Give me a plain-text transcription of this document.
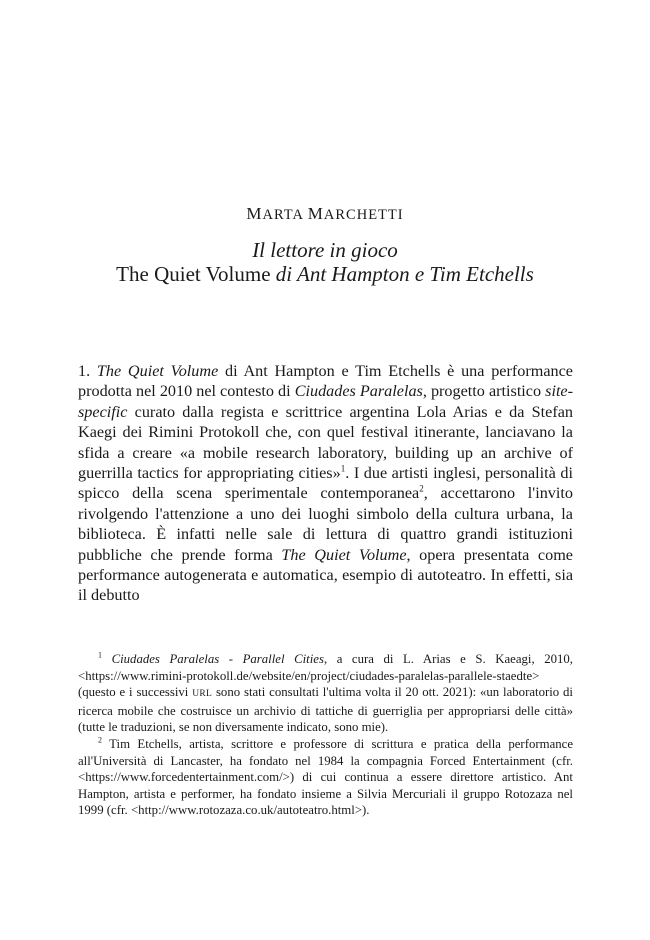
MARTA MARCHETTI
Il lettore in gioco
The Quiet Volume di Ant Hampton e Tim Etchells

1. The Quiet Volume di Ant Hampton e Tim Etchells è una performance prodotta nel 2010 nel contesto di Ciudades Paralelas, progetto artistico site-specific curato dalla regista e scrittrice argentina Lola Arias e da Stefan Kaegi dei Rimini Protokoll che, con quel festival itinerante, lanciavano la sfida a creare «a mobile research laboratory, building up an archive of guerrilla tactics for appropriating cities»$^1$. I due artisti inglesi, personalità di spicco della scena sperimentale contemporanea$^2$, accettarono l'invito rivolgendo l'attenzione a uno dei luoghi simbolo della cultura urbana, la biblioteca. È infatti nelle sale di lettura di quattro grandi istituzioni pubbliche che prende forma The Quiet Volume, opera presentata come performance autogenerata e automatica, esempio di autoteatro. In effetti, sia il debutto

$^1$ Ciudades Paralelas - Parallel Cities, a cura di L. Arias e S. Kaeagi, 2010, <https://www.rimini-protokoll.de/website/en/project/ciudades-paralelas-parallele-staedte> (questo e i successivi URL sono stati consultati l'ultima volta il 20 ott. 2021): «un laboratorio di ricerca mobile che costruisce un archivio di tattiche di guerriglia per appropriarsi delle città» (tutte le traduzioni, se non diversamente indicato, sono mie).

$^2$ Tim Etchells, artista, scrittore e professore di scrittura e pratica della performance all'Università di Lancaster, ha fondato nel 1984 la compagnia Forced Entertainment (cfr. <https://www.forcedentertainment.com/>) di cui continua a essere direttore artistico. Ant Hampton, artista e performer, ha fondato insieme a Silvia Mercuriali il gruppo Rotozaza nel 1999 (cfr. <http://www.rotozaza.co.uk/autoteatro.html>).
